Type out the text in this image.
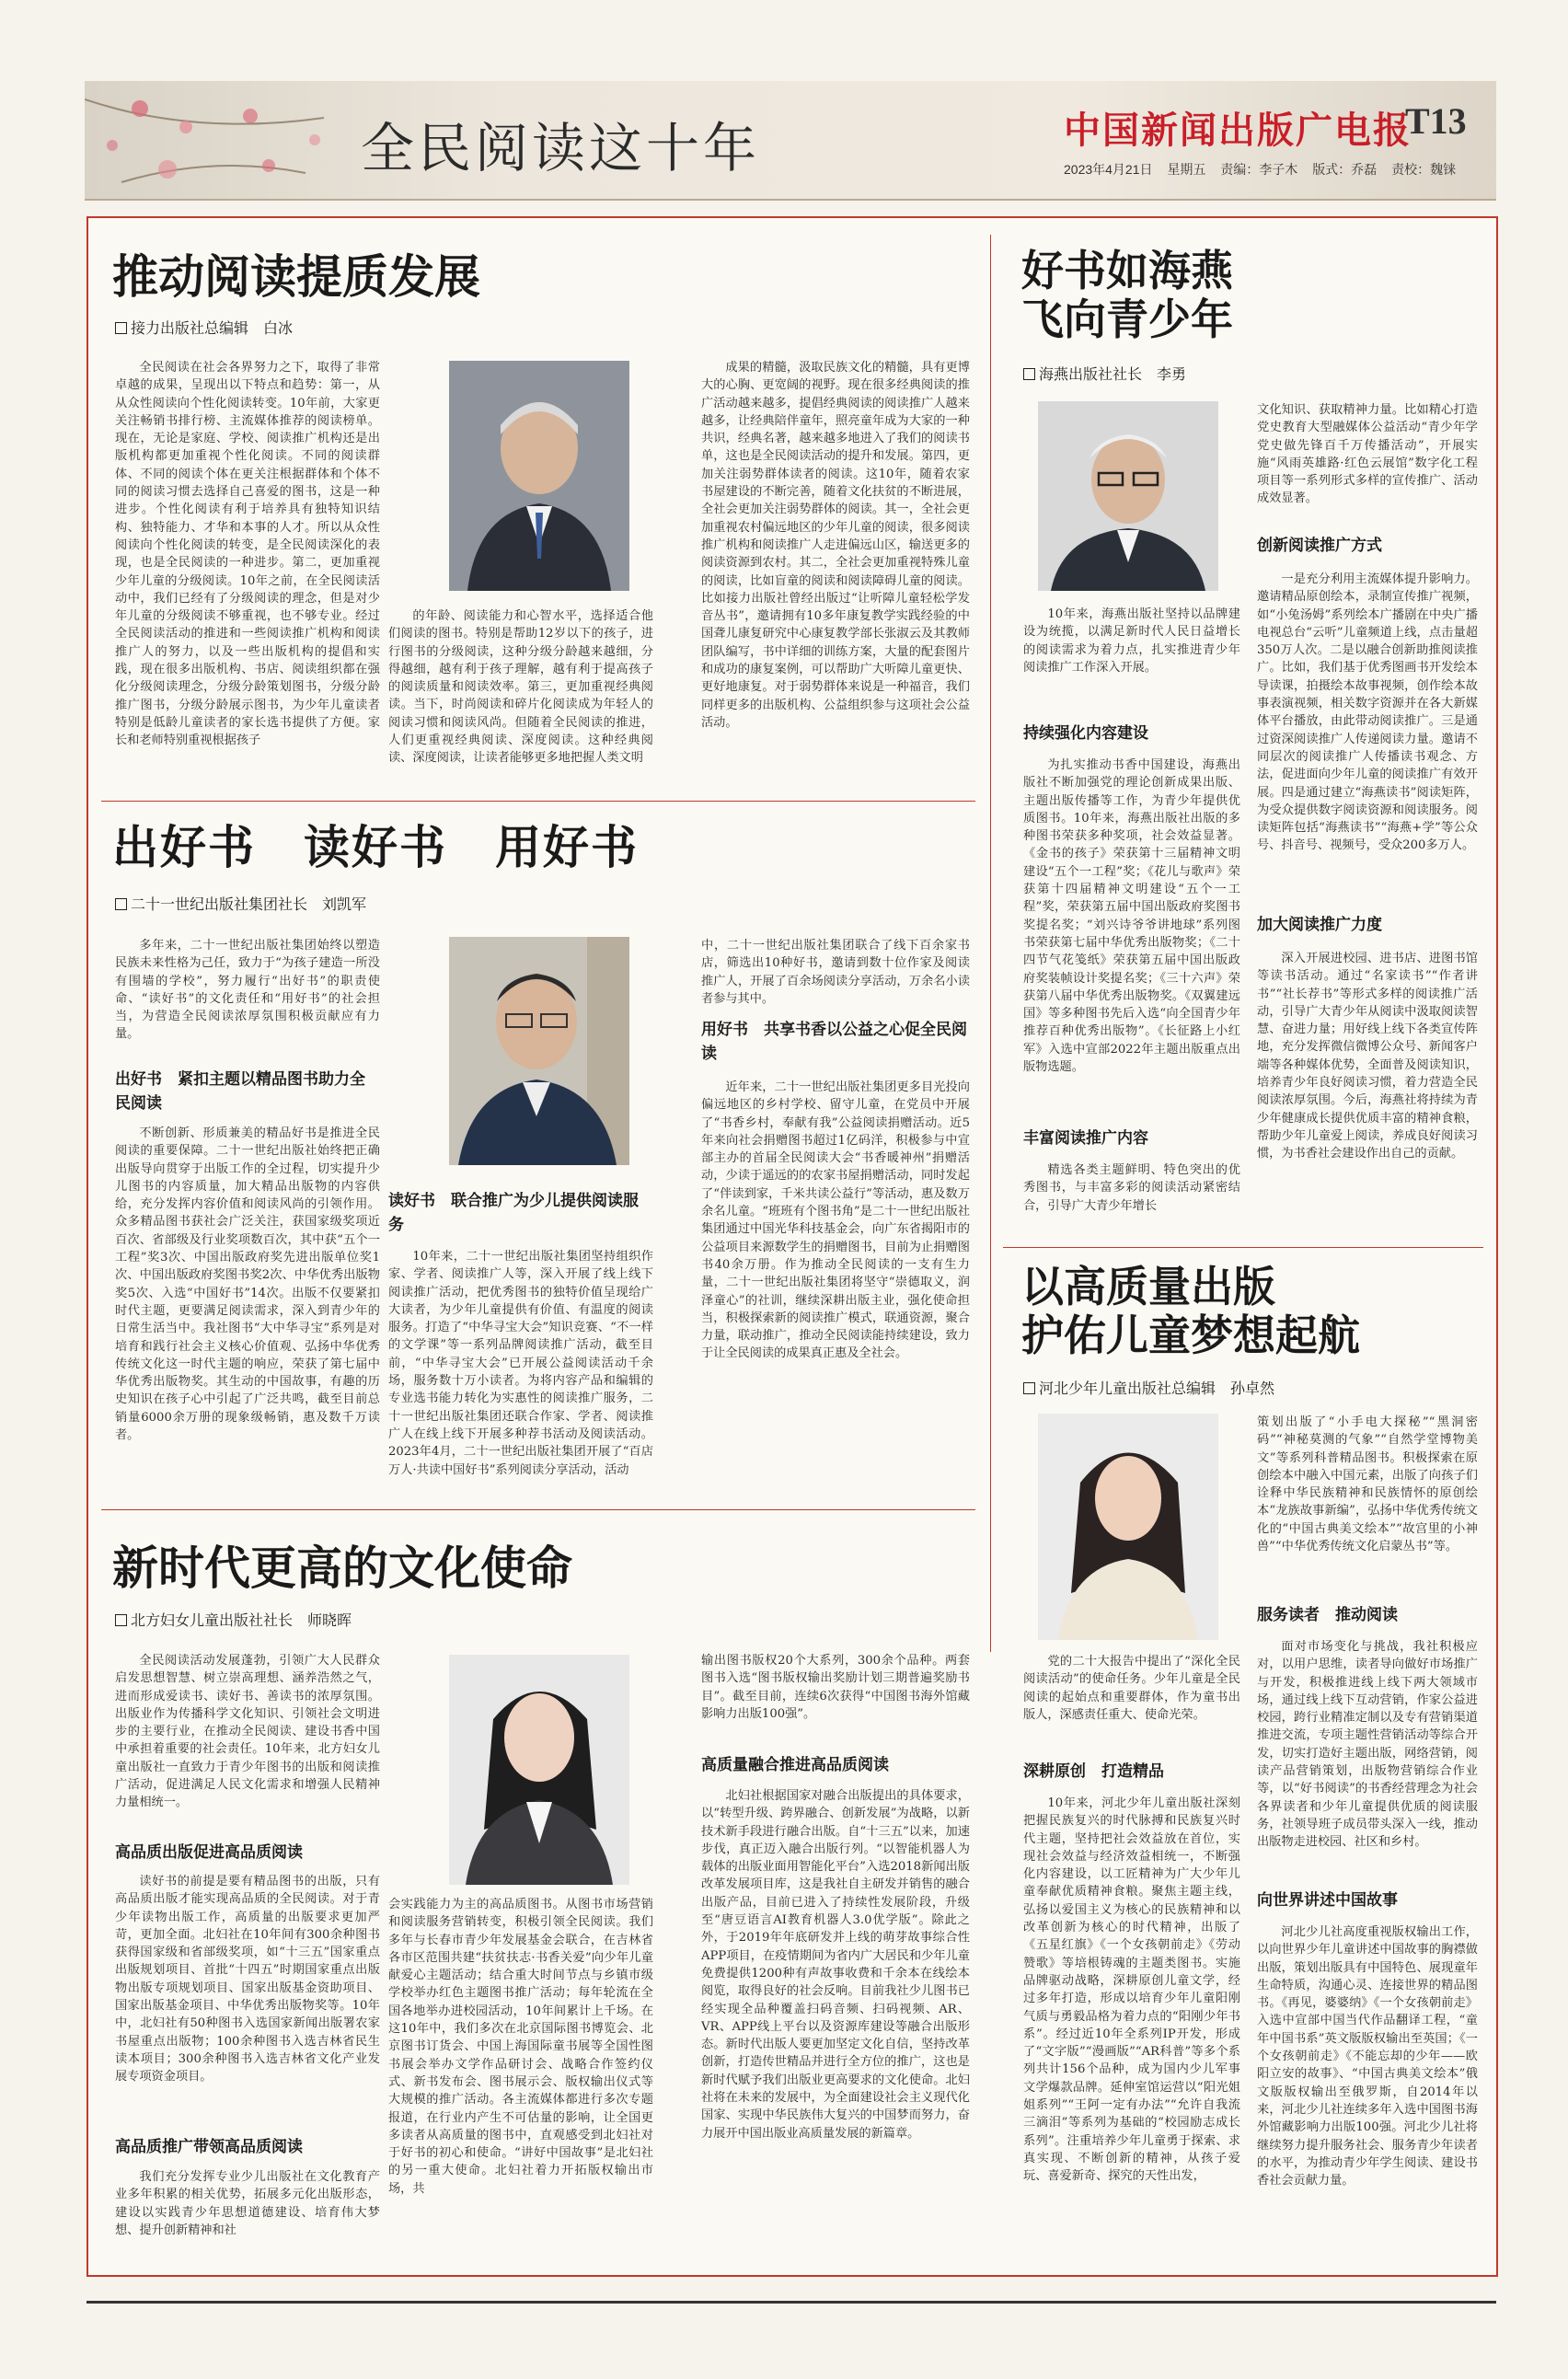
全民阅读这十年	中国新闻出版广电报
T13
2023年4月21日 星期五 责编：李子木 版式：乔磊 责校：魏铼
推动阅读提质发展
接力出版社总编辑　白冰

全民阅读在社会各界努力之下，取得了非常卓越的成果，呈现出以下特点和趋势：第一，从从众性阅读向个性化阅读转变。10年前，大家更关注畅销书排行榜、主流媒体推荐的阅读榜单。现在，无论是家庭、学校、阅读推广机构还是出版机构都更加重视个性化阅读。不同的阅读群体、不同的阅读个体在更关注根据群体和个体不同的阅读习惯去选择自己喜爱的图书，这是一种进步。个性化阅读有利于培养具有独特知识结构、独特能力、才华和本事的人才。所以从众性阅读向个性化阅读的转变，是全民阅读深化的表现，也是全民阅读的一种进步。第二，更加重视少年儿童的分级阅读。10年之前，在全民阅读活动中，我们已经有了分级阅读的理念，但是对少年儿童的分级阅读不够重视，也不够专业。经过全民阅读活动的推进和一些阅读推广机构和阅读推广人的努力，以及一些出版机构的提倡和实践，现在很多出版机构、书店、阅读组织都在强化分级阅读理念，分级分龄策划图书，分级分龄推广图书，分级分龄展示图书，为少年儿童读者特别是低龄儿童读者的家长选书提供了方便。家长和老师特别重视根据孩子

的年龄、阅读能力和心智水平，选择适合他们阅读的图书。特别是帮助12岁以下的孩子，进行图书的分级阅读，这种分级分龄越来越细，分得越细，越有利于孩子理解，越有利于提高孩子的阅读质量和阅读效率。第三，更加重视经典阅读。当下，时尚阅读和碎片化阅读成为年轻人的阅读习惯和阅读风尚。但随着全民阅读的推进，人们更重视经典阅读、深度阅读。这种经典阅读、深度阅读，让读者能够更多地把握人类文明

成果的精髓，汲取民族文化的精髓，具有更博大的心胸、更宽阔的视野。现在很多经典阅读的推广活动越来越多，提倡经典阅读的阅读推广人越来越多，让经典陪伴童年，照亮童年成为大家的一种共识，经典名著，越来越多地进入了我们的阅读书单，这也是全民阅读活动的提升和发展。第四，更加关注弱势群体读者的阅读。这10年，随着农家书屋建设的不断完善，随着文化扶贫的不断进展，全社会更加关注弱势群体的阅读。其一，全社会更加重视农村偏远地区的少年儿童的阅读，很多阅读推广机构和阅读推广人走进偏远山区，输送更多的阅读资源到农村。其二，全社会更加重视特殊儿童的阅读，比如盲童的阅读和阅读障碍儿童的阅读。比如接力出版社曾经出版过“让听障儿童轻松学发音丛书”，邀请拥有10多年康复教学实践经验的中国聋儿康复研究中心康复教学部长张淑云及其教师团队编写，书中详细的训练方案，大量的配套图片和成功的康复案例，可以帮助广大听障儿童更快、更好地康复。对于弱势群体来说是一种福音，我们同样更多的出版机构、公益组织参与这项社会公益活动。

出好书　读好书　用好书
二十一世纪出版社集团社长　刘凯军

多年来，二十一世纪出版社集团始终以塑造民族未来性格为己任，致力于“为孩子建造一所没有围墙的学校”，努力履行“出好书”的职责使命、“读好书”的文化责任和“用好书”的社会担当，为营造全民阅读浓厚氛围积极贡献应有力量。

出好书　紧扣主题以精品图书助力全民阅读

不断创新、形质兼美的精品好书是推进全民阅读的重要保障。二十一世纪出版社始终把正确出版导向贯穿于出版工作的全过程，切实提升少儿图书的内容质量，加大精品出版物的内容供给，充分发挥内容价值和阅读风尚的引领作用。众多精品图书获社会广泛关注，获国家级奖项近百次、省部级及行业奖项数百次，其中获“五个一工程”奖3次、中国出版政府奖先进出版单位奖1次、中国出版政府奖图书奖2次、中华优秀出版物奖5次、入选“中国好书”14次。出版不仅要紧扣时代主题，更要满足阅读需求，深入到青少年的日常生活当中。我社图书“大中华寻宝”系列是对培育和践行社会主义核心价值观、弘扬中华优秀传统文化这一时代主题的响应，荣获了第七届中华优秀出版物奖。其生动的中国故事，有趣的历史知识在孩子心中引起了广泛共鸣，截至目前总销量6000余万册的现象级畅销，惠及数千万读者。

读好书　联合推广为少儿提供阅读服务

10年来，二十一世纪出版社集团坚持组织作家、学者、阅读推广人等，深入开展了线上线下阅读推广活动，把优秀图书的独特价值呈现给广大读者，为少年儿童提供有价值、有温度的阅读服务。打造了“中华寻宝大会”知识竞赛、“不一样的文学课”等一系列品牌阅读推广活动，截至目前，“中华寻宝大会”已开展公益阅读活动千余场，服务数十万小读者。为将内容产品和编辑的专业选书能力转化为实惠性的阅读推广服务，二十一世纪出版社集团还联合作家、学者、阅读推广人在线上线下开展多种荐书活动及阅读活动。2023年4月，二十一世纪出版社集团开展了“百店万人·共读中国好书”系列阅读分享活动，活动

中，二十一世纪出版社集团联合了线下百余家书店，筛选出10种好书，邀请到数十位作家及阅读推广人，开展了百余场阅读分享活动，万余名小读者参与其中。

用好书　共享书香以公益之心促全民阅读

近年来，二十一世纪出版社集团更多目光投向偏远地区的乡村学校、留守儿童，在党员中开展了“书香乡村，奉献有我”公益阅读捐赠活动。近5年来向社会捐赠图书超过1亿码洋，积极参与中宣部主办的首届全民阅读大会“书香暖神州”捐赠活动，少读于遥远的的农家书屋捐赠活动，同时发起了“伴读到家，千米共读公益行”等活动，惠及数万余名儿童。“班班有个图书角”是二十一世纪出版社集团通过中国光华科技基金会，向广东省揭阳市的公益项目来源数学生的捐赠图书，目前为止捐赠图书40余万册。作为推动全民阅读的一支有生力量，二十一世纪出版社集团将坚守“崇德取义，润泽童心”的社训，继续深耕出版主业，强化使命担当，积极探索新的阅读推广模式，联通资源，聚合力量，联动推广，推动全民阅读能持续建设，致力于让全民阅读的成果真正惠及全社会。

新时代更高的文化使命
北方妇女儿童出版社社长　师晓晖

全民阅读活动发展蓬勃，引领广大人民群众启发思想智慧、树立崇高理想、涵养浩然之气，进而形成爱读书、读好书、善读书的浓厚氛围。出版业作为传播科学文化知识、引领社会文明进步的主要行业，在推动全民阅读、建设书香中国中承担着重要的社会责任。10年来，北方妇女儿童出版社一直致力于青少年图书的出版和阅读推广活动，促进满足人民文化需求和增强人民精神力量相统一。

高品质出版促进高品质阅读

读好书的前提是要有精品图书的出版，只有高品质出版才能实现高品质的全民阅读。对于青少年读物出版工作，高质量的出版要求更加严苛，更加全面。北妇社在10年间有300余种图书获得国家级和省部级奖项，如“十三五”国家重点出版规划项目、首批“十四五”时期国家重点出版物出版专项规划项目、国家出版基金资助项目、国家出版基金项目、中华优秀出版物奖等。10年中，北妇社有50种图书入选国家新闻出版署农家书屋重点出版物；100余种图书入选吉林省民生读本项目；300余种图书入选吉林省文化产业发展专项资金项目。

高品质推广带领高品质阅读

我们充分发挥专业少儿出版社在文化教育产业多年积累的相关优势，拓展多元化出版形态，建设以实践青少年思想道德建设、培育伟大梦想、提升创新精神和社

会实践能力为主的高品质图书。从图书市场营销和阅读服务营销转变，积极引领全民阅读。我们多年与长春市青少年发展基金会联合，在吉林省各市区范围共建“扶贫扶志·书香关爱”向少年儿童献爱心主题活动；结合重大时间节点与乡镇市级学校举办红色主题图书推广活动；每年轮流在全国各地举办进校园活动，10年间累计上千场。在这10年中，我们多次在北京国际图书博览会、北京图书订货会、中国上海国际童书展等全国性图书展会举办文学作品研讨会、战略合作签约仪式、新书发布会、图书展示会、版权输出仪式等大规模的推广活动。各主流媒体都进行多次专题报道，在行业内产生不可估量的影响，让全国更多读者从高质量的图书中，直观感受到北妇社对于好书的初心和使命。“讲好中国故事”是北妇社的另一重大使命。北妇社着力开拓版权输出市场，共

输出图书版权20个大系列，300余个品种。两套图书入选“图书版权输出奖励计划三期普遍奖励书目”。截至目前，连续6次获得“中国图书海外馆藏影响力出版100强”。

高质量融合推进高品质阅读

北妇社根据国家对融合出版提出的具体要求，以“转型升级、跨界融合、创新发展”为战略，以新技术新手段进行融合出版。自“十三五”以来，加速步伐，真正迈入融合出版行列。“以智能机器人为载体的出版业面用智能化平台”入选2018新闻出版改革发展项目库，这是我社自主研发并销售的融合出版产品，目前已进入了持续性发展阶段，升级至“唐豆语言AI教育机器人3.0优学版”。除此之外，于2019年年底研发并上线的萌芽故事综合性APP项目，在疫情期间为省内广大居民和少年儿童免费提供1200种有声故事收费和千余本在线绘本阅览，取得良好的社会反响。目前我社少儿图书已经实现全品种覆盖扫码音频、扫码视频、AR、VR、APP线上平台以及资源库建设等融合出版形态。新时代出版人要更加坚定文化自信，坚持改革创新，打造传世精品并进行全方位的推广，这也是新时代赋予我们出版业更高要求的文化使命。北妇社将在未来的发展中，为全面建设社会主义现代化国家、实现中华民族伟大复兴的中国梦而努力，奋力展开中国出版业高质量发展的新篇章。

好书如海燕
飞向青少年
海燕出版社社长　李勇

文化知识、获取精神力量。比如精心打造党史教育大型融媒体公益活动“青少年学党史做先锋百千万传播活动”，开展实施“风雨英雄路·红色云展馆”数字化工程项目等一系列形式多样的宣传推广、活动成效显著。

创新阅读推广方式

一是充分利用主流媒体提升影响力。邀请精品原创绘本，录制宣传推广视频，如“小兔汤姆”系列绘本广播剧在中央广播电视总台“云听”儿童频道上线，点击量超350万人次。二是以融合创新助推阅读推广。比如，我们基于优秀图画书开发绘本导读课，拍摄绘本故事视频，创作绘本故事表演视频，相关数字资源并在各大新媒体平台播放，由此带动阅读推广。三是通过资深阅读推广人传递阅读力量。邀请不同层次的阅读推广人传播读书观念、方法，促进面向少年儿童的阅读推广有效开展。四是通过建立“海燕读书”阅读矩阵，为受众提供数字阅读资源和阅读服务。阅读矩阵包括“海燕读书”“海燕+学”等公众号、抖音号、视频号，受众200多万人。

加大阅读推广力度

深入开展进校园、进书店、进图书馆等读书活动。通过“名家读书”“作者讲书”“社长荐书”等形式多样的阅读推广活动，引导广大青少年从阅读中汲取阅读智慧、奋进力量；用好线上线下各类宣传阵地，充分发挥微信微博公众号、新闻客户端等各种媒体优势，全面普及阅读知识，培养青少年良好阅读习惯，着力营造全民阅读浓厚氛围。今后，海燕社将持续为青少年健康成长提供优质丰富的精神食粮，帮助少年儿童爱上阅读，养成良好阅读习惯，为书香社会建设作出自己的贡献。

10年来，海燕出版社坚持以品牌建设为统揽，以满足新时代人民日益增长的阅读需求为着力点，扎实推进青少年阅读推广工作深入开展。

持续强化内容建设

为扎实推动书香中国建设，海燕出版社不断加强党的理论创新成果出版、主题出版传播等工作，为青少年提供优质图书。10年来，海燕出版社出版的多种图书荣获多种奖项，社会效益显著。《金书的孩子》荣获第十三届精神文明建设“五个一工程”奖；《花儿与歌声》荣获第十四届精神文明建设“五个一工程”奖，荣获第五届中国出版政府奖图书奖提名奖；“刘兴诗爷爷讲地球”系列图书荣获第七届中华优秀出版物奖；《二十四节气花笺纸》荣获第五届中国出版政府奖装帧设计奖提名奖；《三十六声》荣获第八届中华优秀出版物奖。《双翼建远国》等多种图书先后入选“向全国青少年推荐百种优秀出版物”。《长征路上小红军》入选中宣部2022年主题出版重点出版物选题。

丰富阅读推广内容

精选各类主题鲜明、特色突出的优秀图书，与丰富多彩的阅读活动紧密结合，引导广大青少年增长

以高质量出版
护佑儿童梦想起航
河北少年儿童出版社总编辑　孙卓然

策划出版了“小手电大探秘”“黑洞密码”“神秘莫测的气象”“自然学堂博物美文”等系列科普精品图书。积极探索在原创绘本中融入中国元素，出版了向孩子们诠释中华民族精神和民族情怀的原创绘本“龙族故事新编”，弘扬中华优秀传统文化的“中国古典美文绘本”“故宫里的小神兽”“中华优秀传统文化启蒙丛书”等。

服务读者　推动阅读

面对市场变化与挑战，我社积极应对，以用户思维，读者导向做好市场推广与开发，积极推进线上线下两大领域市场，通过线上线下互动营销，作家公益进校园，跨行业精准定制以及专有营销渠道推进交流，专项主题性营销活动等综合开发，切实打造好主题出版，网络营销，阅读产品营销策划，出版物营销综合作业等，以“好书阅读”的书香经营理念为社会各界读者和少年儿童提供优质的阅读服务，社领导班子成员带头深入一线，推动出版物走进校园、社区和乡村。

向世界讲述中国故事

河北少儿社高度重视版权输出工作，以向世界少年儿童讲述中国故事的胸襟做出版，策划出版具有中国特色、展现童年生命特质，沟通心灵、连接世界的精品图书。《再见，婆婆纳》《一个女孩朝前走》入选中宣部中国当代作品翻译工程，“童年中国书系”英文版版权输出至英国；《一个女孩朝前走》《不能忘却的少年——欧阳立安的故事》、“中国古典美文绘本”俄文版版权输出至俄罗斯，自2014年以来，河北少儿社连续多年入选中国图书海外馆藏影响力出版100强。河北少儿社将继续努力提升服务社会、服务青少年读者的水平，为推动青少年学生阅读、建设书香社会贡献力量。

党的二十大报告中提出了“深化全民阅读活动”的使命任务。少年儿童是全民阅读的起始点和重要群体，作为童书出版人，深感责任重大、使命光荣。

深耕原创　打造精品

10年来，河北少年儿童出版社深刻把握民族复兴的时代脉搏和民族复兴时代主题，坚持把社会效益放在首位，实现社会效益与经济效益相统一，不断强化内容建设，以工匠精神为广大少年儿童奉献优质精神食粮。聚焦主题主线，弘扬以爱国主义为核心的民族精神和以改革创新为核心的时代精神，出版了《五星红旗》《一个女孩朝前走》《劳动赞歌》等培根铸魂的主题类图书。实施品牌驱动战略，深耕原创儿童文学，经过多年打造，形成以培育少年儿童阳刚气质与勇毅品格为着力点的“阳刚少年书系”。经过近10年全系列IP开发，形成了“文字版”“漫画版”“AR科普”等多个系列共计156个品种，成为国内少儿军事文学爆款品牌。延伸室馆运营以“阳光姐姐系列”“王阿一定有办法”“允许自我流三滴泪”等系列为基础的“校园励志成长系列”。注重培养少年儿童勇于探索、求真实现、不断创新的精神，从孩子爱玩、喜爱新奇、探究的天性出发，
